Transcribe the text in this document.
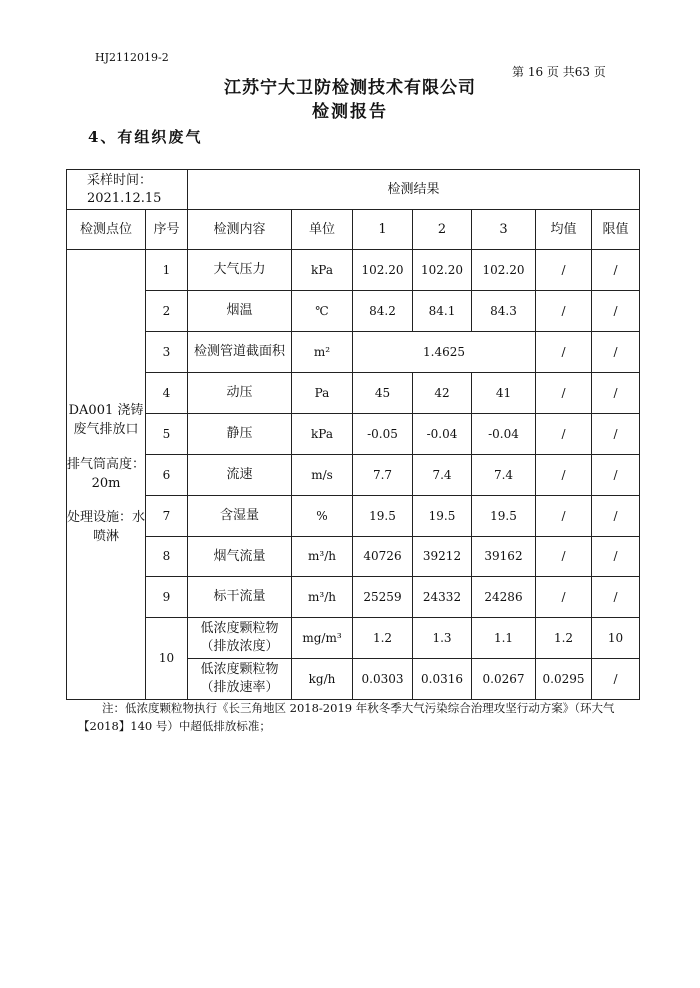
HJ2112019-2
第 16 页 共63 页
江苏宁大卫防检测技术有限公司
检测报告
4、有组织废气
采样时间：
2021.12.15		检测结果						
检测点位	序号	检测内容	单位	1	2	3	均值	限值

DA001 浇铸废气排放口
排气筒高度：20m
处理设施：水喷淋	1	大气压力	kPa	102.20	102.20	102.20	/	/
	2	烟温	℃	84.2	84.1	84.3	/	/
	3	检测管道截面积	m²	1.4625			/	/
	4	动压	Pa	45	42	41	/	/
	5	静压	kPa	-0.05	-0.04	-0.04	/	/
	6	流速	m/s	7.7	7.4	7.4	/	/
	7	含湿量	%	19.5	19.5	19.5	/	/
	8	烟气流量	m³/h	40726	39212	39162	/	/
	9	标干流量	m³/h	25259	24332	24286	/	/
	10	低浓度颗粒物（排放浓度）	mg/m³	1.2	1.3	1.1	1.2	10
		低浓度颗粒物（排放速率）	kg/h	0.0303	0.0316	0.0267	0.0295	/
注：低浓度颗粒物执行《长三角地区 2018-2019 年秋冬季大气污染综合治理攻坚行动方案》（环大气【2018】140 号）中超低排放标准；
